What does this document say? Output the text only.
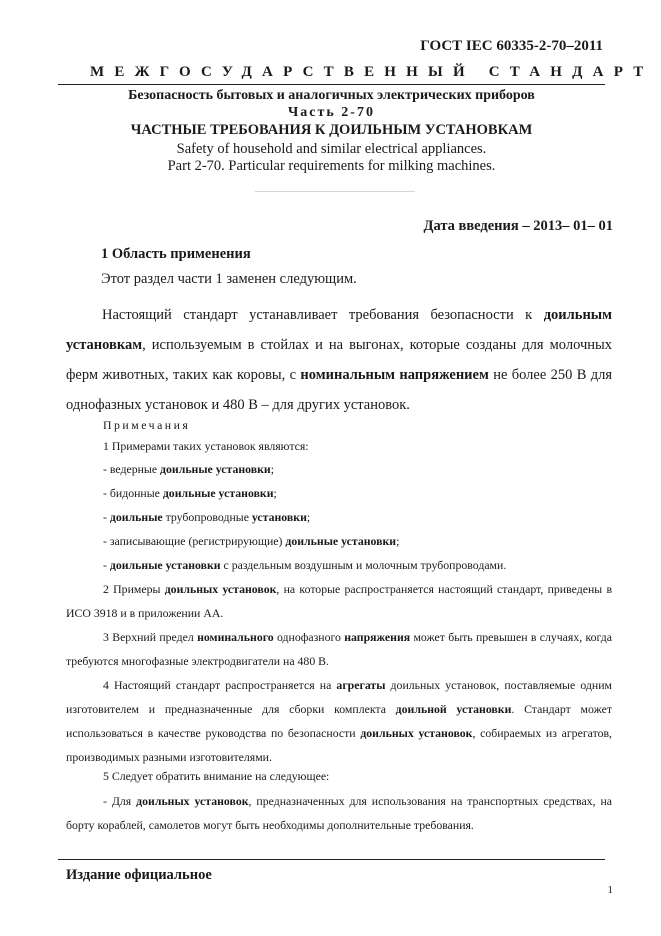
ГОСТ IEC 60335-2-70–2011
МЕЖГОСУДАРСТВЕННЫЙ СТАНДАРТ
Безопасность бытовых и аналогичных электрических приборов
Часть 2-70
ЧАСТНЫЕ ТРЕБОВАНИЯ К ДОИЛЬНЫМ УСТАНОВКАМ
Safety of household and similar electrical appliances.
Part 2-70. Particular requirements for milking machines.
Дата введения – 2013– 01– 01
1 Область применения
Этот раздел части 1 заменен следующим.
Настоящий стандарт устанавливает требования безопасности к доильным установкам, используемым в стойлах и на выгонах, которые созданы для молочных ферм животных, таких как коровы, с номинальным напряжением не более 250 В для однофазных установок и 480 В – для других установок.
Примечания
1 Примерами таких установок являются:
- ведерные доильные установки;
- бидонные доильные установки;
- доильные трубопроводные установки;
- записывающие (регистрирующие) доильные установки;
- доильные установки с раздельным воздушным и молочным трубопроводами.
2 Примеры доильных установок, на которые распространяется настоящий стандарт, приведены в ИСО 3918 и в приложении АА.
3 Верхний предел номинального однофазного напряжения может быть превышен в случаях, когда требуются многофазные электродвигатели на 480 В.
4 Настоящий стандарт распространяется на агрегаты доильных установок, поставляемые одним изготовителем и предназначенные для сборки комплекта доильной установки. Стандарт может использоваться в качестве руководства по безопасности доильных установок, собираемых из агрегатов, производимых разными изготовителями.
5 Следует обратить внимание на следующее:
- Для доильных установок, предназначенных для использования на транспортных средствах, на борту кораблей, самолетов могут быть необходимы дополнительные требования.
Издание официальное
1
